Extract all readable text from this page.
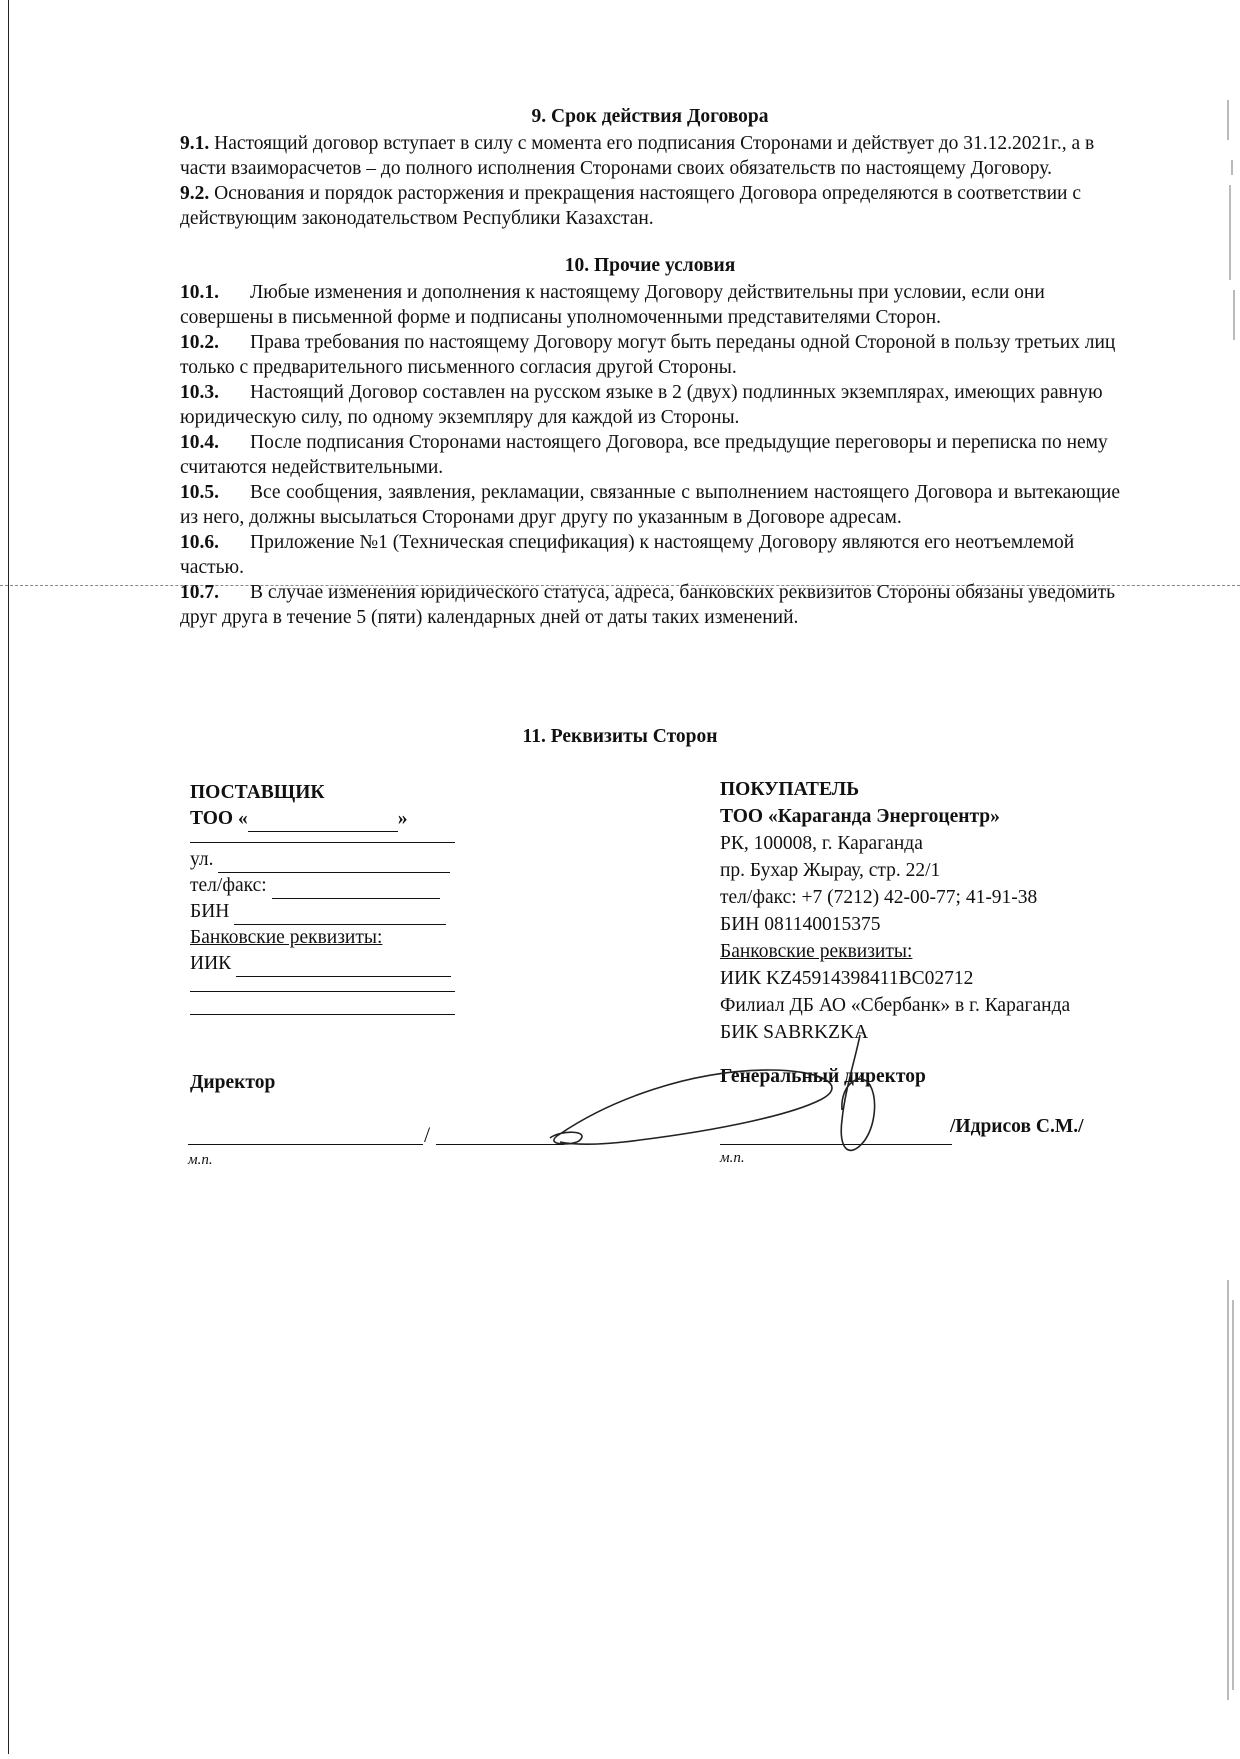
9. Срок действия Договора

9.1. Настоящий договор вступает в силу с момента его подписания Сторонами и действует до 31.12.2021г., а в части взаиморасчетов – до полного исполнения Сторонами своих обязательств по настоящему Договору.

9.2. Основания и порядок расторжения и прекращения настоящего Договора определяются в соответствии с действующим законодательством Республики Казахстан.

10. Прочие условия

10.1. Любые изменения и дополнения к настоящему Договору действительны при условии, если они совершены в письменной форме и подписаны уполномоченными представителями Сторон.

10.2. Права требования по настоящему Договору могут быть переданы одной Стороной в пользу третьих лиц только с предварительного письменного согласия другой Стороны.

10.3. Настоящий Договор составлен на русском языке в 2 (двух) подлинных экземплярах, имеющих равную юридическую силу, по одному экземпляру для каждой из Стороны.

10.4. После подписания Сторонами настоящего Договора, все предыдущие переговоры и переписка по нему считаются недействительными.

10.5. Все сообщения, заявления, рекламации, связанные с выполнением настоящего Договора и вытекающие из него, должны высылаться Сторонами друг другу по указанным в Договоре адресам.

10.6. Приложение №1 (Техническая спецификация) к настоящему Договору являются его неотъемлемой частью.

10.7. В случае изменения юридического статуса, адреса, банковских реквизитов Стороны обязаны уведомить друг друга в течение 5 (пяти) календарных дней от даты таких изменений.

11. Реквизиты Сторон
ПОСТАВЩИК
ТОО «	»
ул.
тел/факс:
БИН
Банковские реквизиты:
ИИК
ПОКУПАТЕЛЬ
ТОО «Караганда Энергоцентр»
РК, 100008, г. Караганда
пр. Бухар Жырау, стр. 22/1
тел/факс: +7 (7212) 42-00-77; 41-91-38
БИН 081140015375
Банковские реквизиты:
ИИК KZ45914398411BC02712
Филиал ДБ АО «Сбербанк» в г. Караганда
БИК SABRKZKA
Директор	Генеральный директор
/	/Идрисов С.М./
м.п.	м.п.
